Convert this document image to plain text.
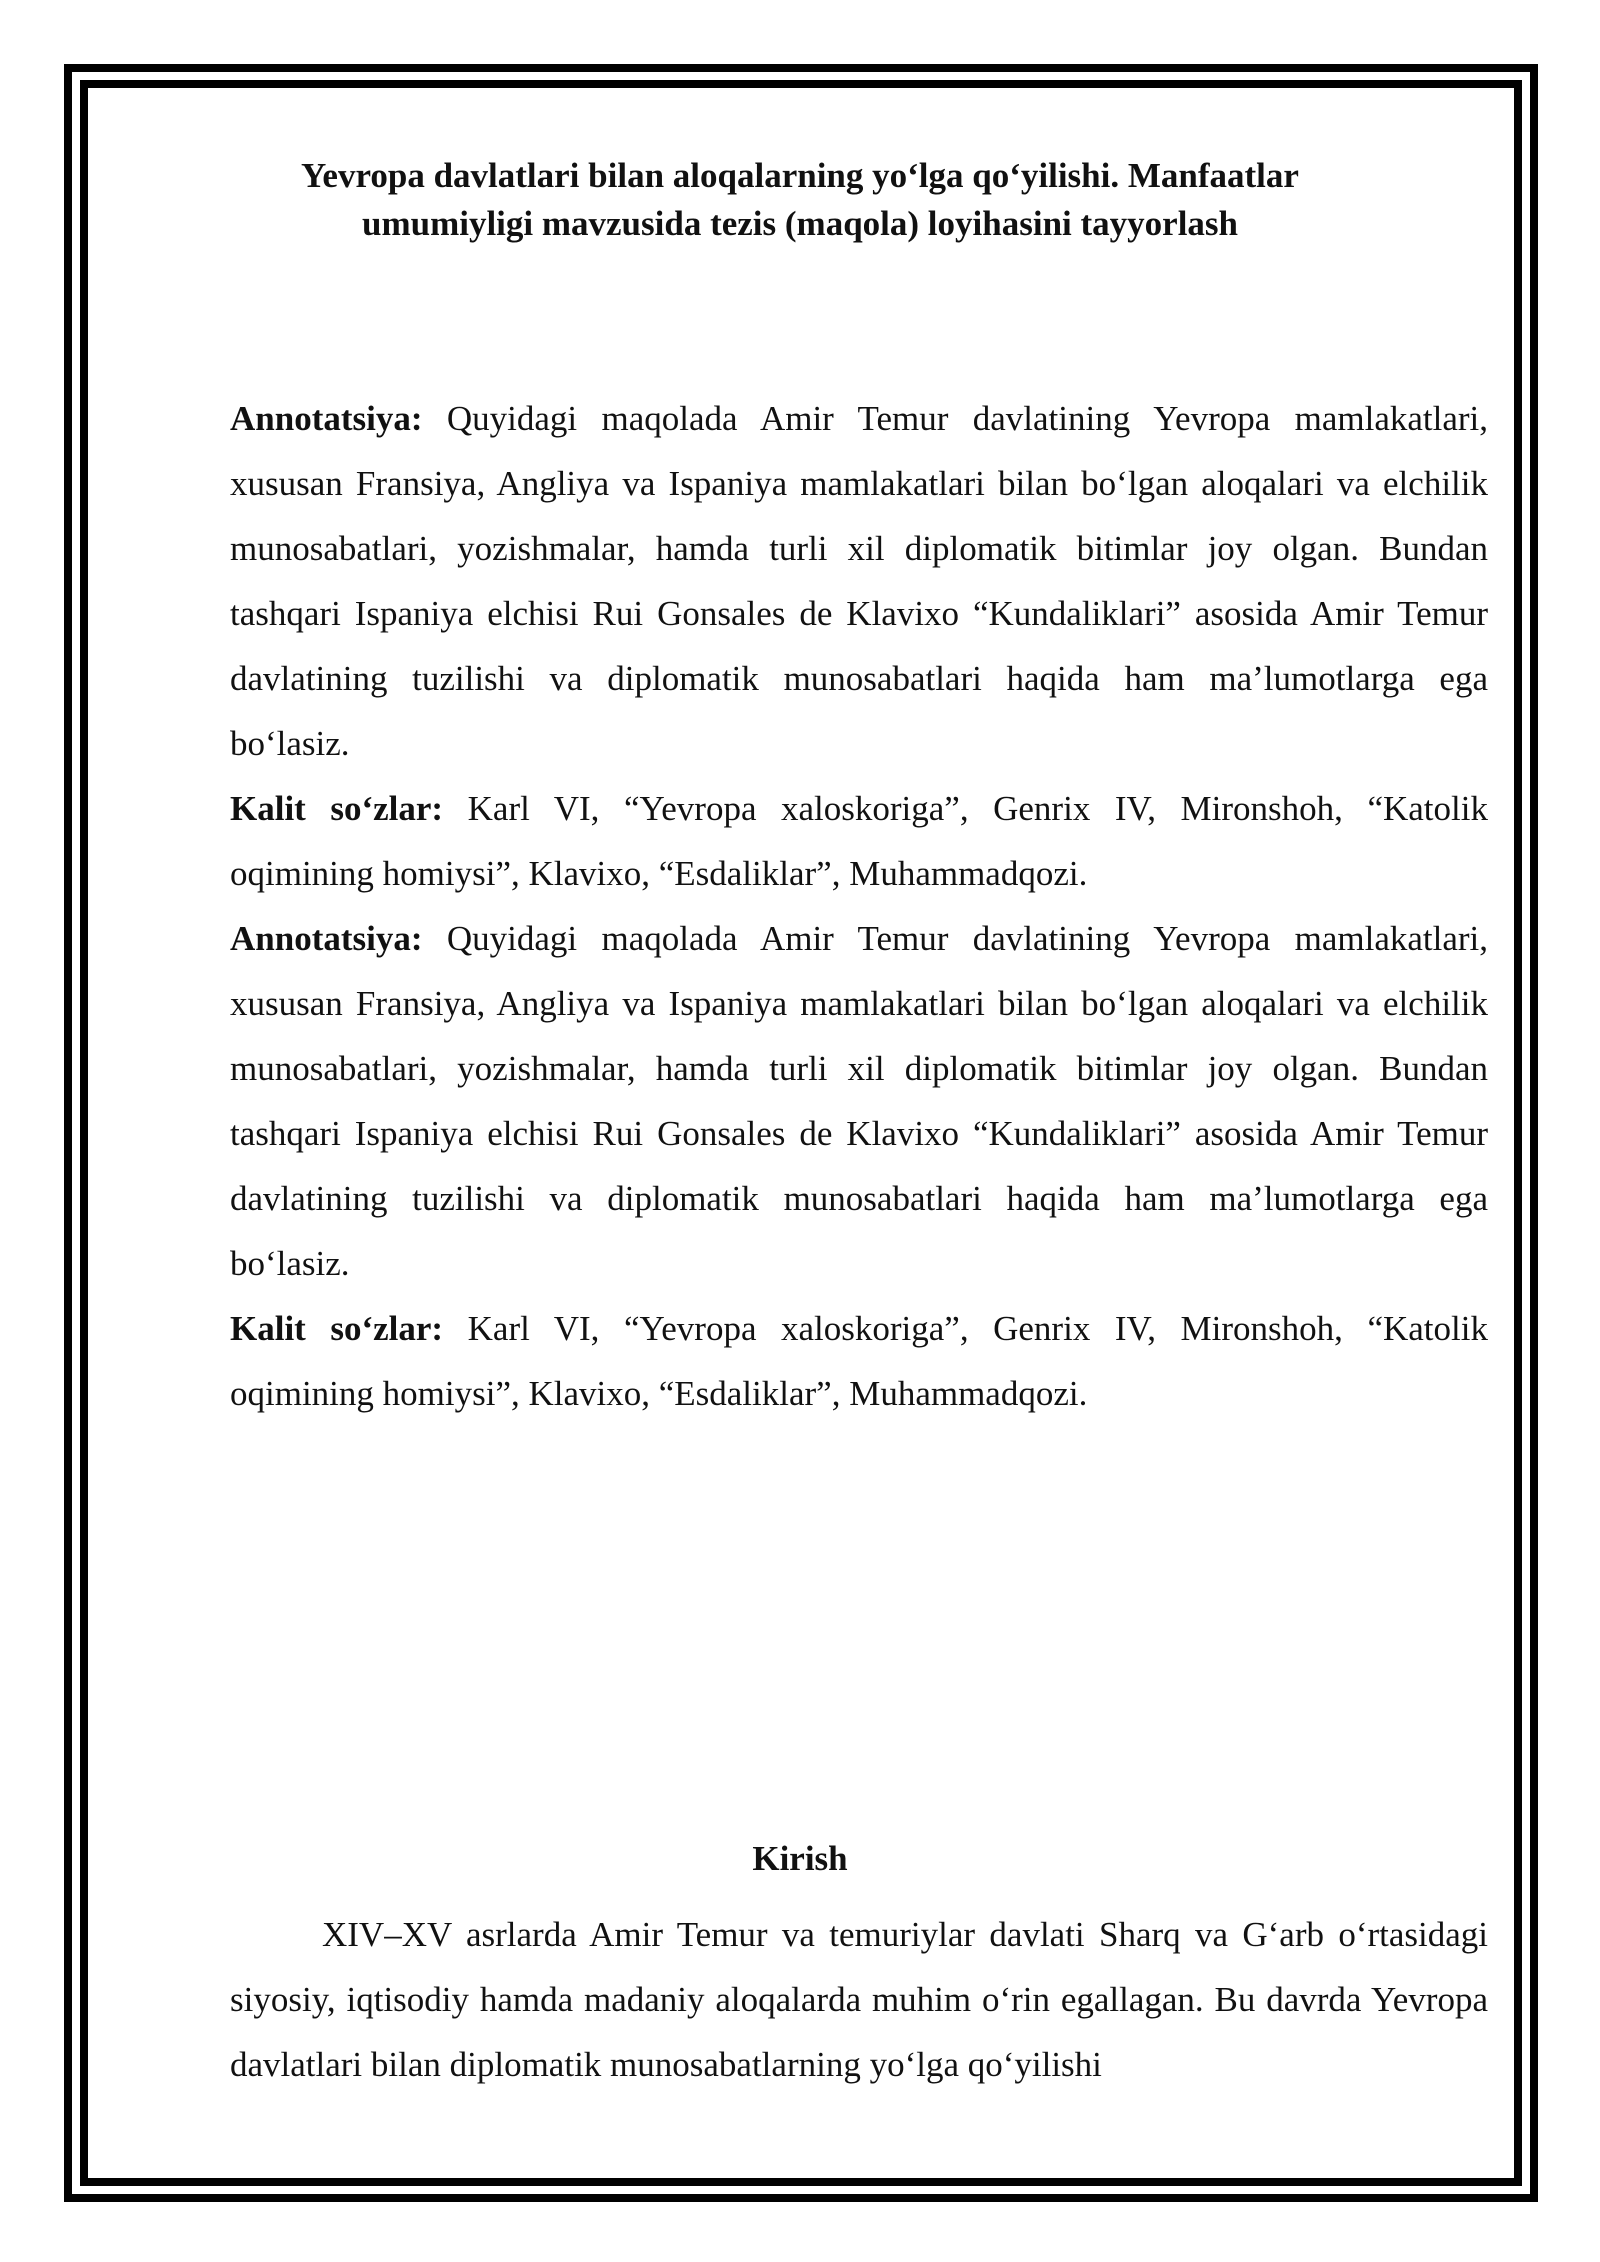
Yevropa davlatlari bilan aloqalarning yo‘lga qo‘yilishi. Manfaatlar umumiyligi mavzusida tezis (maqola) loyihasini tayyorlash

Annotatsiya: Quyidagi maqolada Amir Temur davlatining Yevropa mamlakatlari, xususan Fransiya, Angliya va Ispaniya mamlakatlari bilan bo‘lgan aloqalari va elchilik munosabatlari, yozishmalar, hamda turli xil diplomatik bitimlar joy olgan. Bundan tashqari Ispaniya elchisi Rui Gonsales de Klavixo “Kundaliklari” asosida Amir Temur davlatining tuzilishi va diplomatik munosabatlari haqida ham ma’lumotlarga ega bo‘lasiz.

Kalit so‘zlar: Karl VI, “Yevropa xaloskoriga”, Genrix IV, Mironshoh, “Katolik oqimining homiysi”, Klavixo, “Esdaliklar”, Muhammadqozi.

Annotatsiya: Quyidagi maqolada Amir Temur davlatining Yevropa mamlakatlari, xususan Fransiya, Angliya va Ispaniya mamlakatlari bilan bo‘lgan aloqalari va elchilik munosabatlari, yozishmalar, hamda turli xil diplomatik bitimlar joy olgan. Bundan tashqari Ispaniya elchisi Rui Gonsales de Klavixo “Kundaliklari” asosida Amir Temur davlatining tuzilishi va diplomatik munosabatlari haqida ham ma’lumotlarga ega bo‘lasiz.

Kalit so‘zlar: Karl VI, “Yevropa xaloskoriga”, Genrix IV, Mironshoh, “Katolik oqimining homiysi”, Klavixo, “Esdaliklar”, Muhammadqozi.

Kirish

XIV–XV asrlarda Amir Temur va temuriylar davlati Sharq va G‘arb o‘rtasidagi siyosiy, iqtisodiy hamda madaniy aloqalarda muhim o‘rin egallagan. Bu davrda Yevropa davlatlari bilan diplomatik munosabatlarning yo‘lga qo‘yilishi
